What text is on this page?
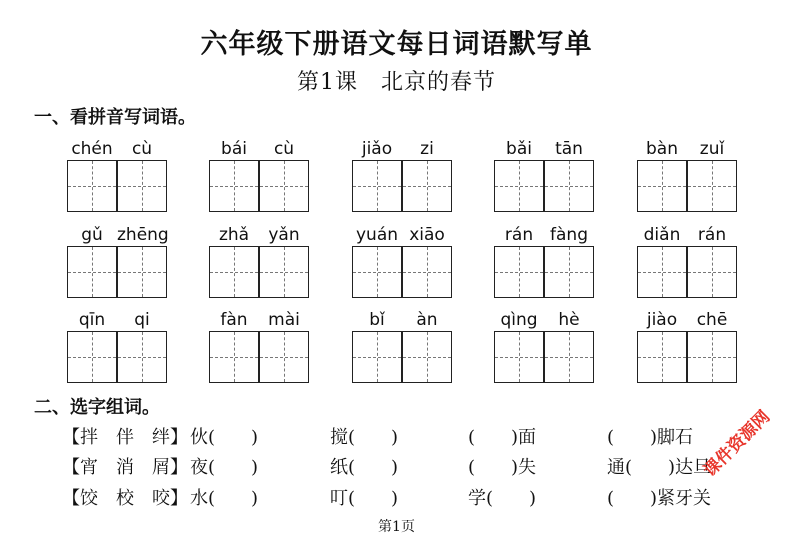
六年级下册语文每日词语默写单
第1课　北京的春节
一、看拼音写词语。
chén	cù	bái	cù	jiǎo	zi	bǎi	tān	bàn	zuǐ
gǔ zhēng	zhǎ	yǎn	yuán xiāo	rán fàng	diǎn	rán
qīn	qi	fàn	mài	bǐ	àn	qìng	hè	jiào	chē
二、选字组词。
【拌　伴　绊】 伙(　　)	搅(　　)	(　　)面	(　　)脚石
【宵　消　屑】 夜(　　)	纸(　　)	(　　)失	通(　　)达旦
【饺　校　咬】 水(　　)	叮(　　)	学(　　)	(　　)紧牙关
第1页
课件资源网
